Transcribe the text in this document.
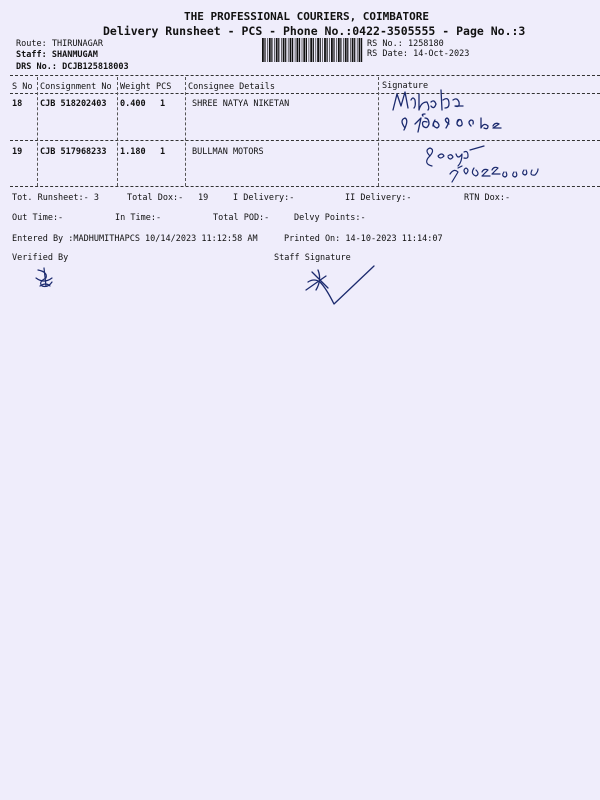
THE PROFESSIONAL COURIERS, COIMBATORE
Delivery Runsheet - PCS - Phone No.:0422-3505555 - Page No.:3
Route: THIRUNAGAR
Staff: SHANMUGAM
DRS No.: DCJB125818003
RS No.: 1258180
RS Date: 14-Oct-2023
S No Consignment No Weight PCS Consignee Details	Signature
18 CJB 518202403 0.400 1	SHREE NATYA NIKETAN
19 CJB 517968233 1.180 1	BULLMAN MOTORS
Tot. Runsheet:- 3	Total Dox:- 19	I Delivery:-	II Delivery:-	RTN Dox:-
Out Time:-	In Time:-	Total POD:-	Delvy Points:-
Entered By :MADHUMITHAPCS 10/14/2023 11:12:58 AM	Printed On: 14-10-2023 11:14:07
Verified By	Staff Signature
